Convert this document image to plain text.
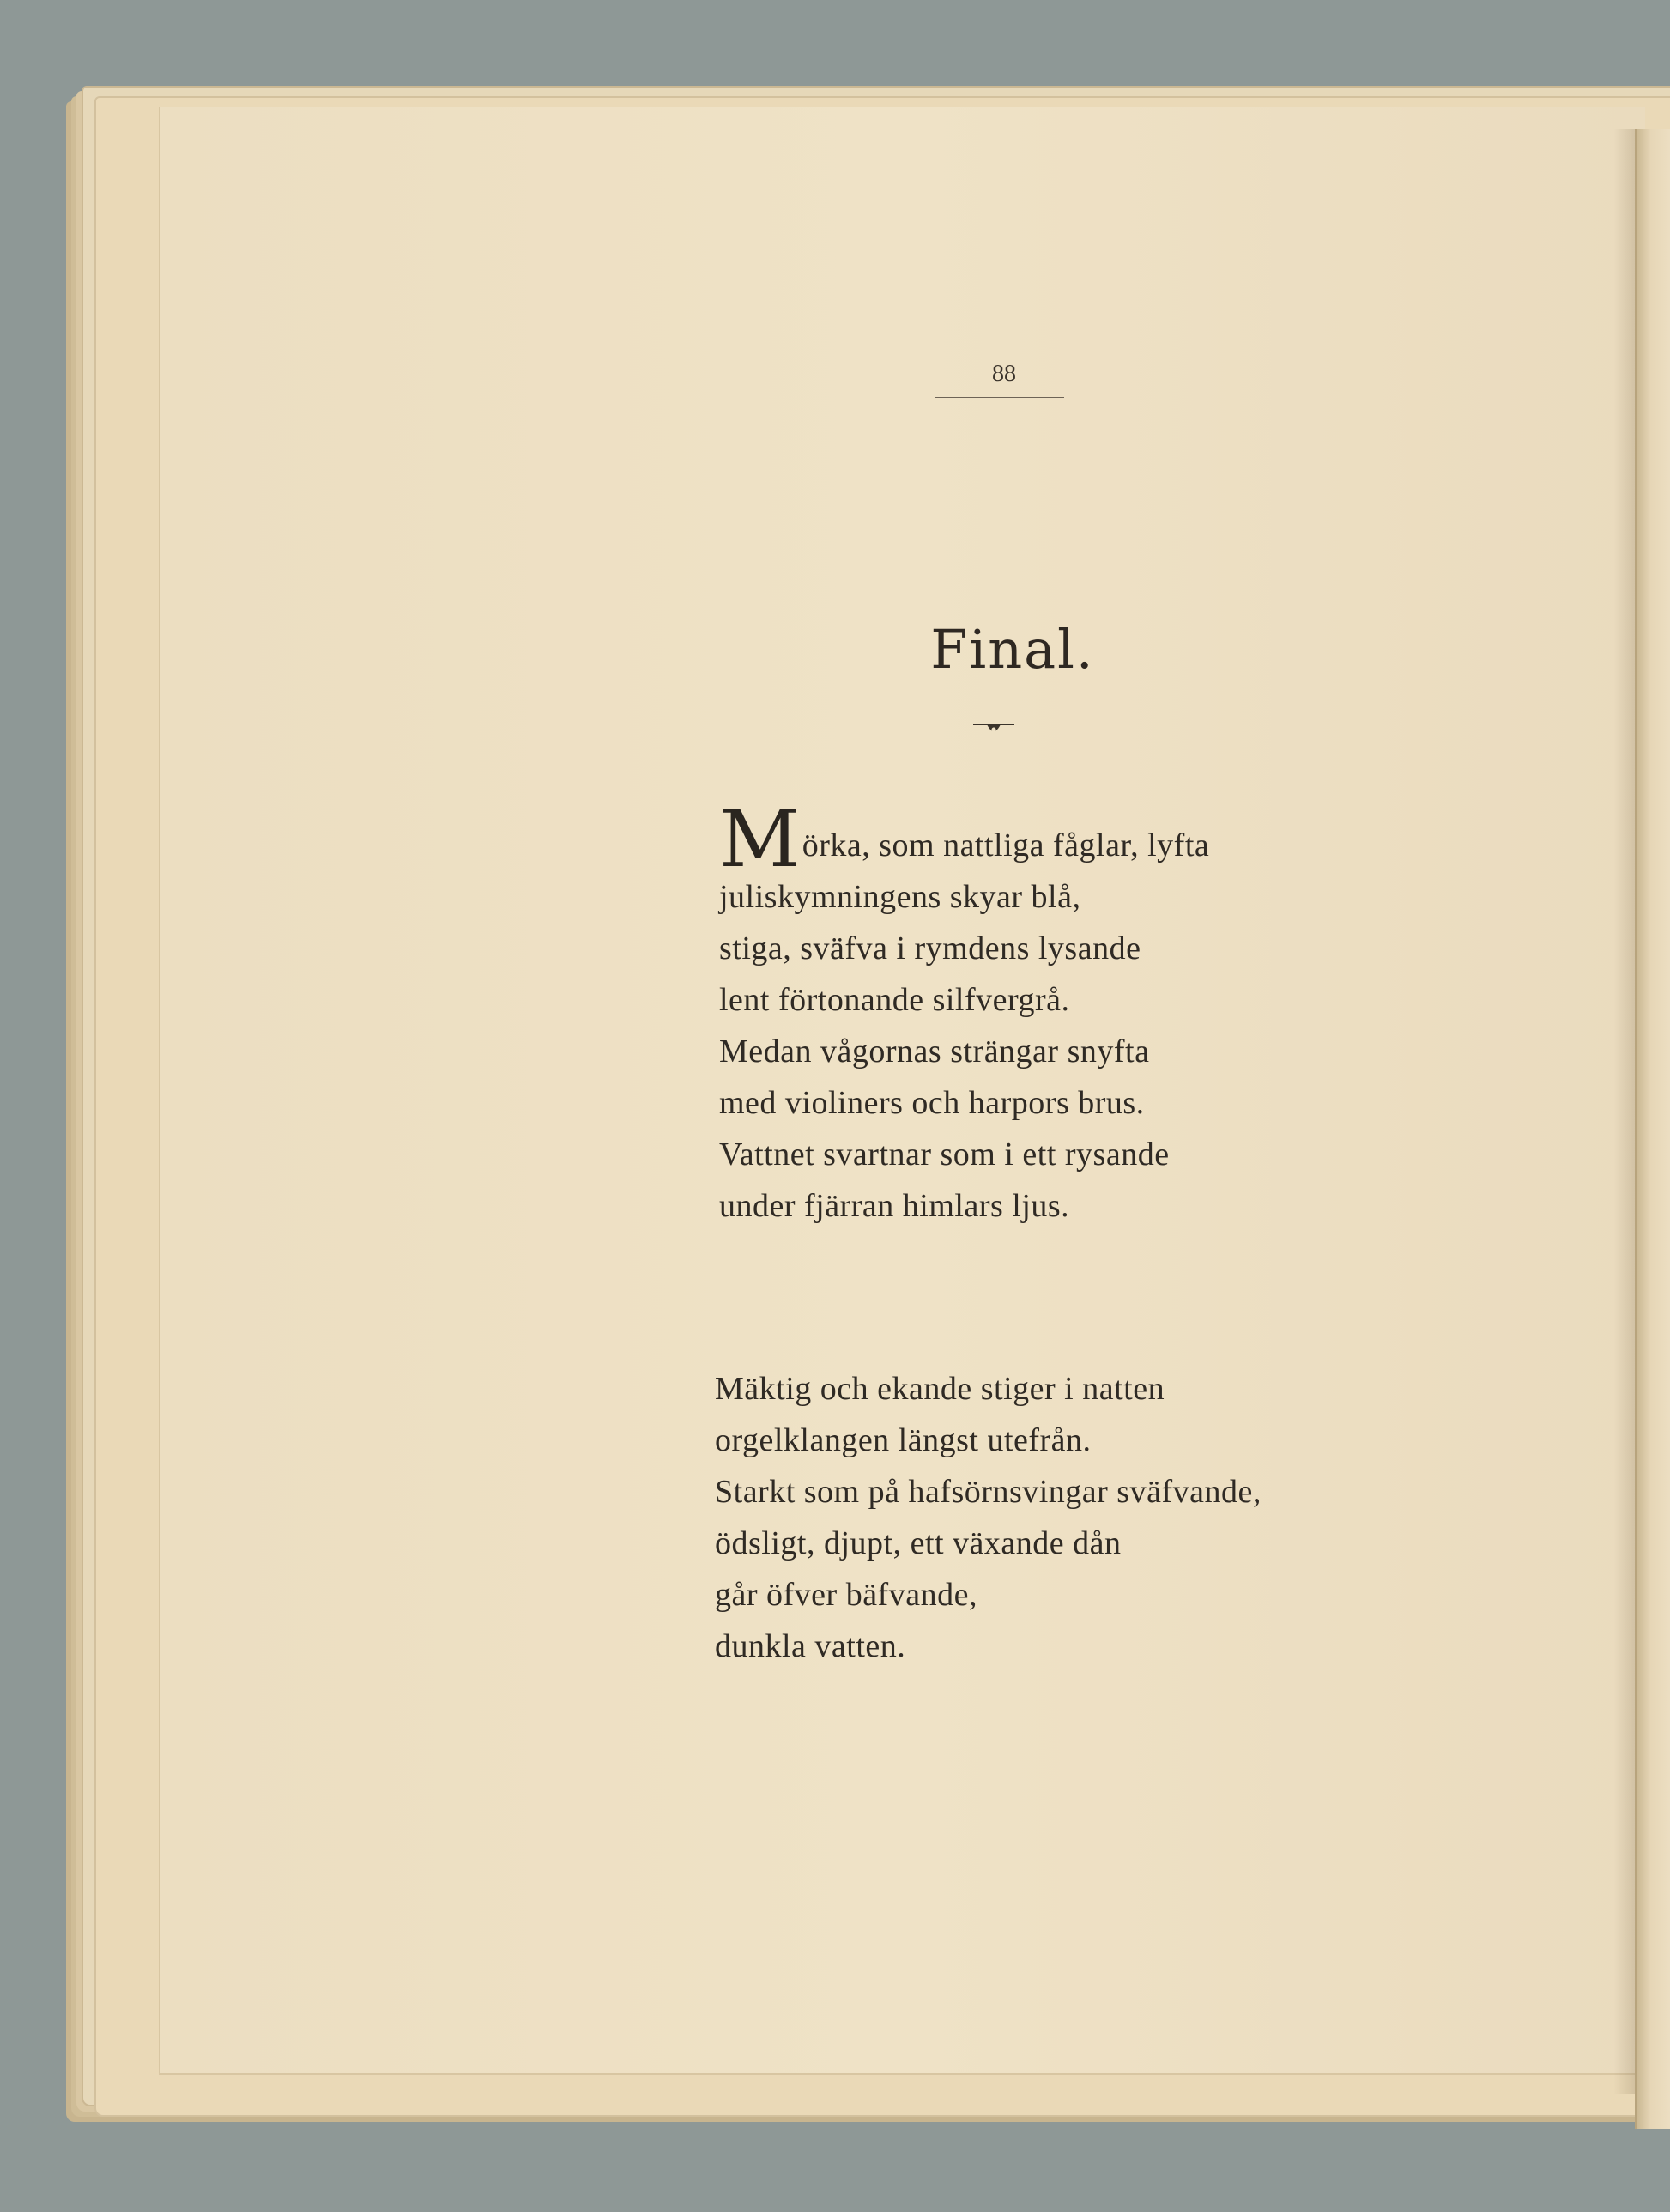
88
Final.
Mörka, som nattliga fåglar, lyfta
juliskymningens skyar blå,
stiga, sväfva i rymdens lysande
lent förtonande silfvergrå.
Medan vågornas strängar snyfta
med violiners och harpors brus.
Vattnet svartnar som i ett rysande
under fjärran himlars ljus.
Mäktig och ekande stiger i natten
orgelklangen längst utefrån.
Starkt som på hafsörnsvingar sväfvande,
ödsligt, djupt, ett växande dån
går öfver bäfvande,
dunkla vatten.
